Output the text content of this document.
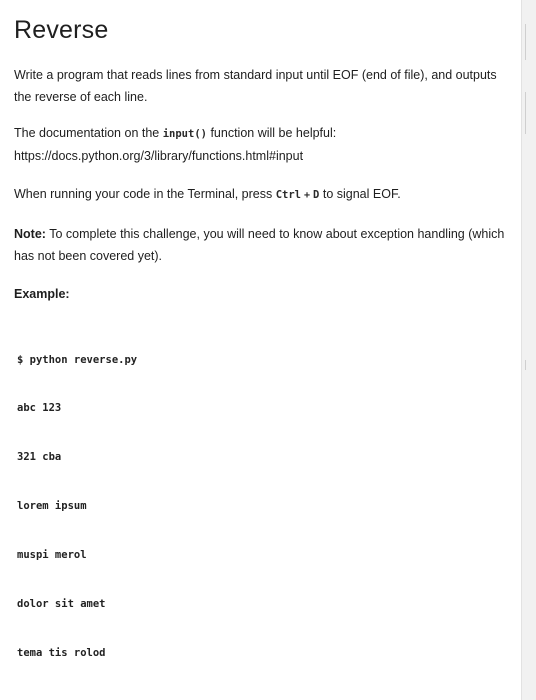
Reverse

Write a program that reads lines from standard input until EOF (end of file), and outputs
the reverse of each line.

The documentation on the input() function will be helpful:
https://docs.python.org/3/library/functions.html#input

When running your code in the Terminal, press Ctrl + D to signal EOF.

Note: To complete this challenge, you will need to know about exception handling (which
has not been covered yet).

Example:

$ python reverse.py

abc 123

321 cba

lorem ipsum

muspi merol

dolor sit amet

tema tis rolod
